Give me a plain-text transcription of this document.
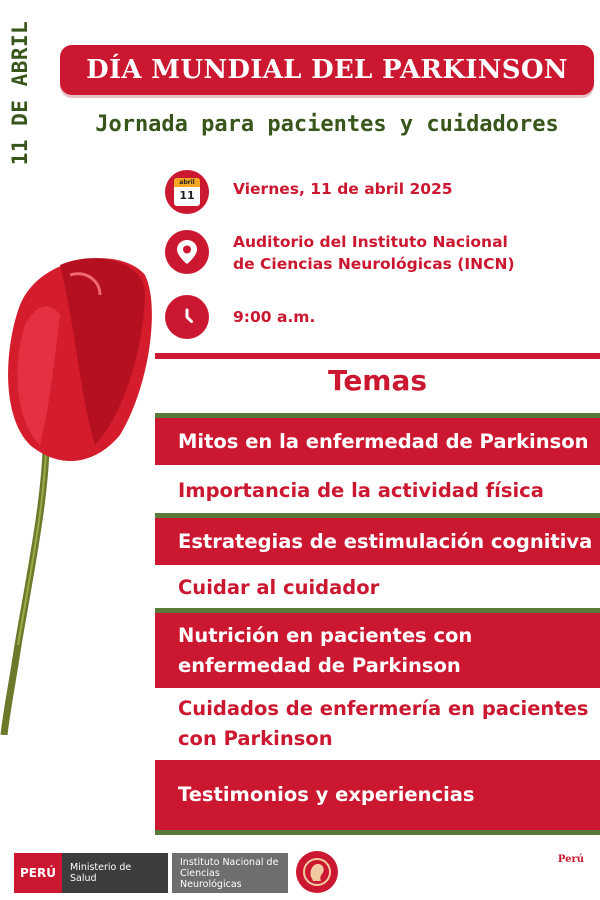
11 DE ABRIL DÍA MUNDIAL DEL PARKINSON
Jornada para pacientes y cuidadores
abril
11	Viernes, 11 de abril 2025
Auditorio del Instituto Nacional
de Ciencias Neurológicas (INCN)
9:00 a.m.
Temas
Mitos en la enfermedad de Parkinson
Importancia de la actividad física
Estrategias de estimulación cognitiva
Cuidar al cuidador
Nutrición en pacientes con enfermedad de Parkinson
Cuidados de enfermería en pacientes con Parkinson
Testimonios y experiencias
PERÚ	Ministerio de Salud
Instituto Nacional de Ciencias Neurológicas
Perú
